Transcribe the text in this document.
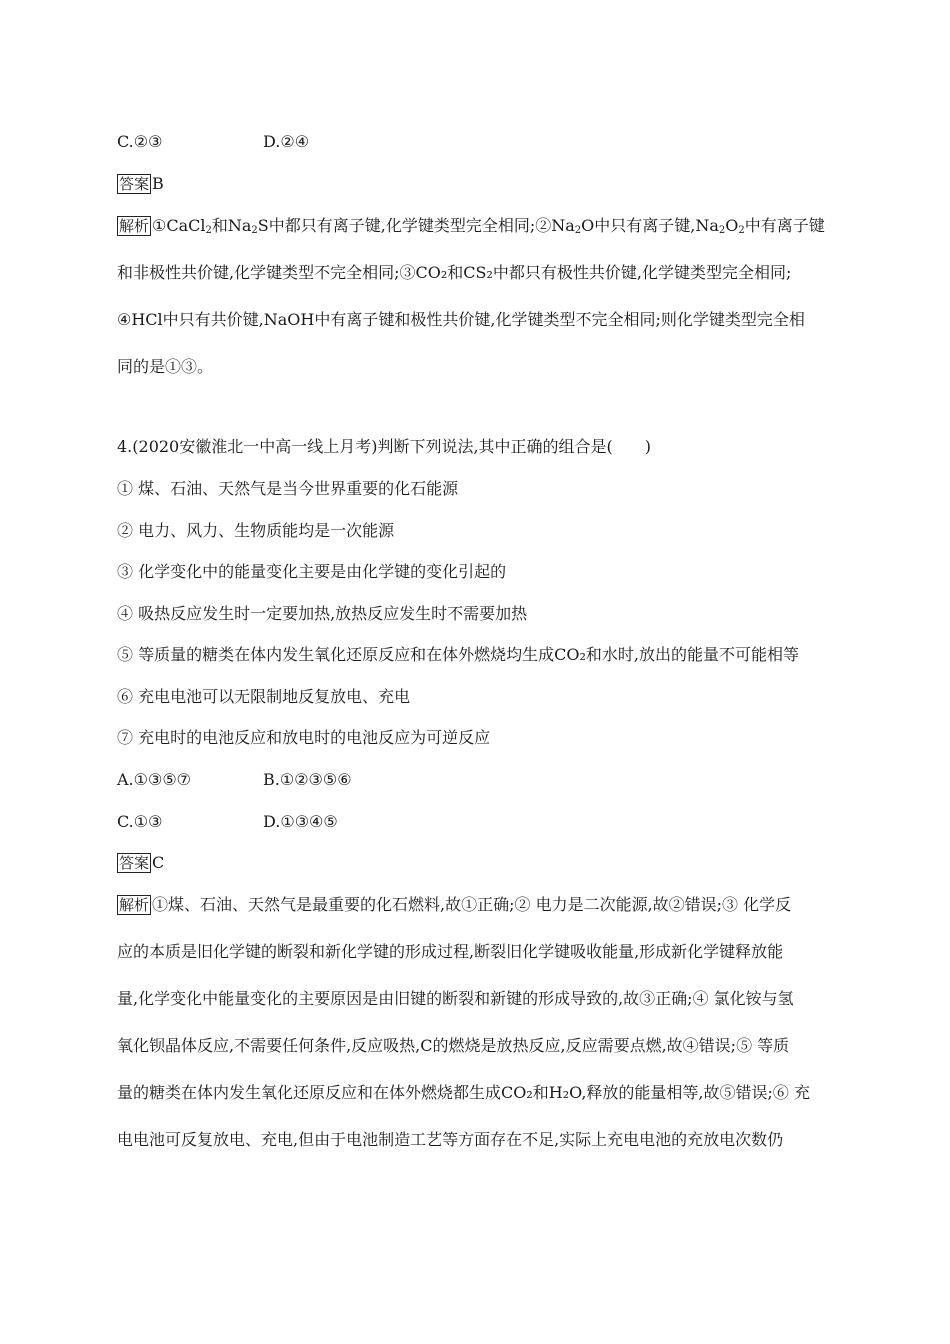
C.②③	D.②④
答案 B
解析 ①CaCl$_2$和$Na_2S$中都只有离子键,化学键类型完全相同$;②Na_2O$中只有离子键$,Na_2O_2$中有离子键
和非极性共价键,化学键类型不完全相同;③CO₂和CS₂中都只有极性共价键,化学键类型完全相同;
④HCl中只有共价键,NaOH中有离子键和极性共价键,化学键类型不完全相同;则化学键类型完全相
同的是①③。
4.(2020安徽淮北一中高一线上月考)判断下列说法,其中正确的组合是(　　)
① 煤、石油、天然气是当今世界重要的化石能源
② 电力、风力、生物质能均是一次能源
③ 化学变化中的能量变化主要是由化学键的变化引起的
④ 吸热反应发生时一定要加热,放热反应发生时不需要加热
⑤ 等质量的糖类在体内发生氧化还原反应和在体外燃烧均生成CO₂和水时,放出的能量不可能相等
⑥ 充电电池可以无限制地反复放电、充电
⑦ 充电时的电池反应和放电时的电池反应为可逆反应
A.①③⑤⑦	B.①②③⑤⑥
C.①③	D.①③④⑤
答案 C
解析 ①煤、石油、天然气是最重要的化石燃料,故①正确;② 电力是二次能源,故②错误;③ 化学反
应的本质是旧化学键的断裂和新化学键的形成过程,断裂旧化学键吸收能量,形成新化学键释放能
量,化学变化中能量变化的主要原因是由旧键的断裂和新键的形成导致的,故③正确;④ 氯化铵与氢
氧化钡晶体反应,不需要任何条件,反应吸热,C的燃烧是放热反应,反应需要点燃,故④错误;⑤ 等质
量的糖类在体内发生氧化还原反应和在体外燃烧都生成CO₂和H₂O,释放的能量相等,故⑤错误;⑥ 充
电电池可反复放电、充电,但由于电池制造工艺等方面存在不足,实际上充电电池的充放电次数仍
